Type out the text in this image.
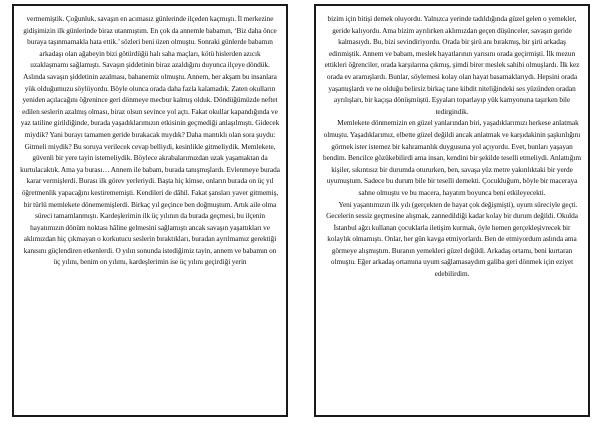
vermemiştik. Çoğunluk, savaşın en acımasız günlerinde ilçeden kaçmıştı. İl merkezine gidişimizin ilk günlerinde biraz utanmıştım. En çok da annemle babamın, ‘Biz daha önce buraya taşınmamakla hata ettik.’ sözleri beni üzen olmuştu. Sonraki günlerde babamın arkadaşı olan ağabeyin bizi götürdüğü halı saha maçları, kötü hislerden azıcık uzaklaşmamı sağlamıştı. Savaşın şiddetinin biraz azaldığını duyunca ilçeye döndük. Aslında savaşın şiddetinin azalması, bahanemiz olmuştu. Annem, her akşam bu insanlara yük olduğumuzu söylüyordu. Böyle olunca orada daha fazla kalamadık. Zaten okulların yeniden açılacağını öğrenince geri dönmeye mecbur kalmış olduk. Döndüğümüzde neftet edilen seslerin azalmış olması, biraz olsun sevince yol açtı. Fakat okullar kapandığında ve yaz tatiline girildiğinde, burada yaşadıklarımızın etkisinin geçmediği anlaşılmıştı. Gidecek miydik? Yani burayı tamamen geride bırakacak mıydık? Daha mantıklı olan sora şuydu: Gitmeli miydik? Bu soruya verilecek cevap belliydi, kesinlikle gitmeliydik. Memlekete, güvenli bir yere tayin istemeliydik. Böylece akrabalarımızdan uzak yaşamaktan da kurtulacaktık. Ama ya burası… Annem ile babam, burada tanışmışlardı. Evlenmeye burada karar vermişlerdi. Burası ilk görev yerleriydi. Başta hiç kimse, onların burada on üç yıl öğretmenlik yapacağını kestirememişti. Kendileri de dâhil. Fakat şansları yaver gitmemiş, bir türlü memlekete dönememişlerdi. Birkaç yıl geçince ben doğmuştum. Artık aile olma süreci tamamlanmıştı. Kardeşlerimin ilk üç yılının da burada geçmesi, bu ilçenin hayatımızın dönüm noktası hâline gelmesini sağlamıştı ancak savaşın yaşattıkları ve aklımızdan hiç çıkmayan o korkutucu seslerin bıraktıkları, buradan ayrılmamız gerektiği kanısını güçlendiren etkenlerdi. O yılın sonunda istediğimiz tayin, annem ve babamın on üç yılını, benim on yılımı, kardeşlerimin ise üç yılını geçirdiği yerin

bizim için bitişi demek oluyordu. Yalnızca yerinde tadıldığında güzel gelen o yemekler, geride kalıyordu. Ama bizim ayrılırken aklımızdan geçen düşünceler, savaşın geride kalmasıydı. Bu, bizi sevindiriyordu. Orada bir şirü anı bırakmış, bir şirü arkadaş edinmiştik. Annem ve babam, meslek hayatlarının yarısını orada geçirmişti. İlk mezun ettikleri öğrenciler, orada karşılarına çıkmış, şimdi birer meslek sahibi olmuşlardı. İlk kez orada ev aramışlardı. Bunlar, söylemesi kolay olan hayat basamaklarıydı. Hepsini orada yaşamışlardı ve ne olduğu belirsiz birkaç tane kibdit niteliğindeki ses yüzünden oradan ayrılışları, bir kaçışa dönüşmüştü. Eşyaları toparlayıp yük kamyonuna taşırken bile tedirgindik.

Memlekete dönmemizin en güzel yanlarından biri, yaşadıklarımızı herkese anlatmak olmuştu. Yaşadıklarımız, elbette güzel değildi ancak anlatmak ve karşıdakinin şaşkınlığını görmek ister istemez bir kahramanlık duygusuna yol açıyordu. Evet, bunları yaşayan bendim. Bencilce gözükebilirdi ama insan, kendini bir şekilde teselli etmeliydi. Anlattığım kişiler, sıkıntısız bir durumda otururken, ben, savaşa yüz metre yakınlıktaki bir yerde uyumuştum. Sadece bu durum bile bir teselli demekti. Çocukluğum, böyle bir maceraya sahne olmuştu ve bu macera, hayatım boyunca beni etkileyecekti.

Yeni yaşantımızın ilk yılı (gerçekten de hayat çok değişmişti), uyum süreciyle geçti. Gecelerin sessiz geçmesine alışmak, zannedildiği kadar kolay bir durum değildi. Okulda İstanbul ağzı kullanan çocuklarla iletişim kurmak, öyle hemen gerçekleşivrecek bir kolaylık olmamıştı. Onlar, her gün kavga etmiyorlardı. Ben de etmiyordum aslında ama görmeye alışmıştım. Buranın yemekleri güzel değildi. Arkadaş ortamı, beni kurtaran olmuştu. Eğer arkadaş ortamına uyum sağlamasaydım galiba geri dönmek için eziyet edebilirdim.
